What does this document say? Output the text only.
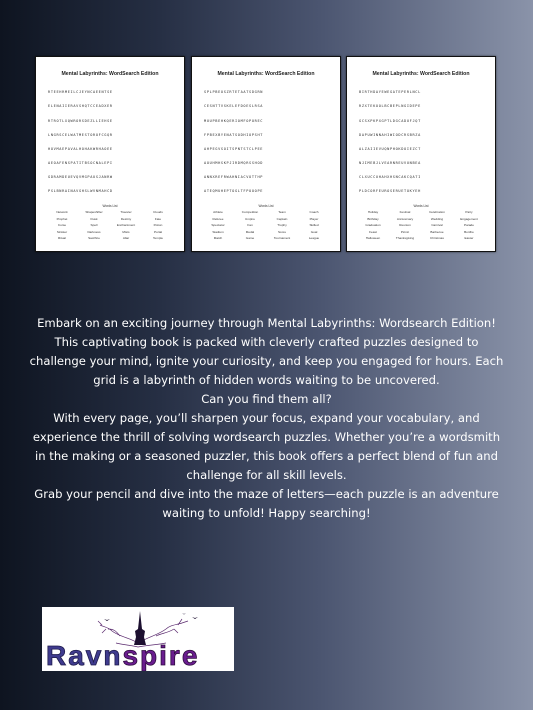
Mental Labyrinths: WordSearch Edition

RTEEHRMEILCJEYNCAEENTSE

ELENAIIERAVSHQTCCEADXER

RTROTLXQWRORSDEZLLIEHSE

LNGRSCELWATMESTOROFCGQR

HOVMAEPAVALHOHAKWRHAOEE

AEOAFENSPATITBSOCNALEPI

GDRAMDEUEVQVMGPAUSJANRW

PSLBNRAINAVGHSLWVNMAHCD

Words List
Network	Shapeshifter	Traveler	Clouds
Prophet	Dusk	Destiny	Fate
Curse	Spell	Enchantment	Potion
Sinister	Darkness	Mists	Portal
Ritual	Sacrifice	Altar	Temple
Mental Labyrinths: WordSearch Edition

SPLPBEOSZRTETAATSDGRN

CESNTTVSKELEFDOESLRSA

MUUPBEHKQERIOMFOPOREC

FPBEXBYENATSODHIOPSHT

AHPEGVSOITSPNTSTCLPEE

AOUHMHSKPJIRDMQRSSHOD

ANNXREFRWAHNIACVOTTHP

ATEQMUHEPTOGLTFPOOOPE

Words List
Athlete	Competition	Team	Coach
Referee	Umpire	Captain	Player
Spectator	Fan	Trophy	Skilled
Stadium	Medal	Score	Goal
Match	Game	Tournament	League
Mental Labyrinths: WordSearch Edition

BIRTHDAYEWEGATEPERLNCL

RZXTEKOOLBCBEPLNGIDEPE

GCSXPKPXGPTLDGCADUFJQT

DAPUWINNAHIWIODCRSBRZA

ALZAIIEVUQNPHOKDOIEZCT

NJIMEBJLVEARNREUVUNBEA

CLXUCCUHAHXHSNCAKCQATI

PLDCORFEUROSERUETOKYEH

Words List
Holiday	Festival	Celebration	Party
Birthday	Anniversary	Wedding	Engagement
Graduation	Reunion	Carnival	Parade
Feast	Picnic	Barbecue	Bonfire
Halloween	Thanksgiving	Christmas	Easter

Embark on an exciting journey through Mental Labyrinths: Wordsearch Edition! This captivating book is packed with cleverly crafted puzzles designed to challenge your mind, ignite your curiosity, and keep you engaged for hours. Each grid is a labyrinth of hidden words waiting to be uncovered.

Can you find them all?

With every page, you’ll sharpen your focus, expand your vocabulary, and experience the thrill of solving wordsearch puzzles. Whether you’re a wordsmith in the making or a seasoned puzzler, this book offers a perfect blend of fun and challenge for all skill levels.

Grab your pencil and dive into the maze of letters—each puzzle is an adventure waiting to unfold! Happy searching!

Ravnspire
